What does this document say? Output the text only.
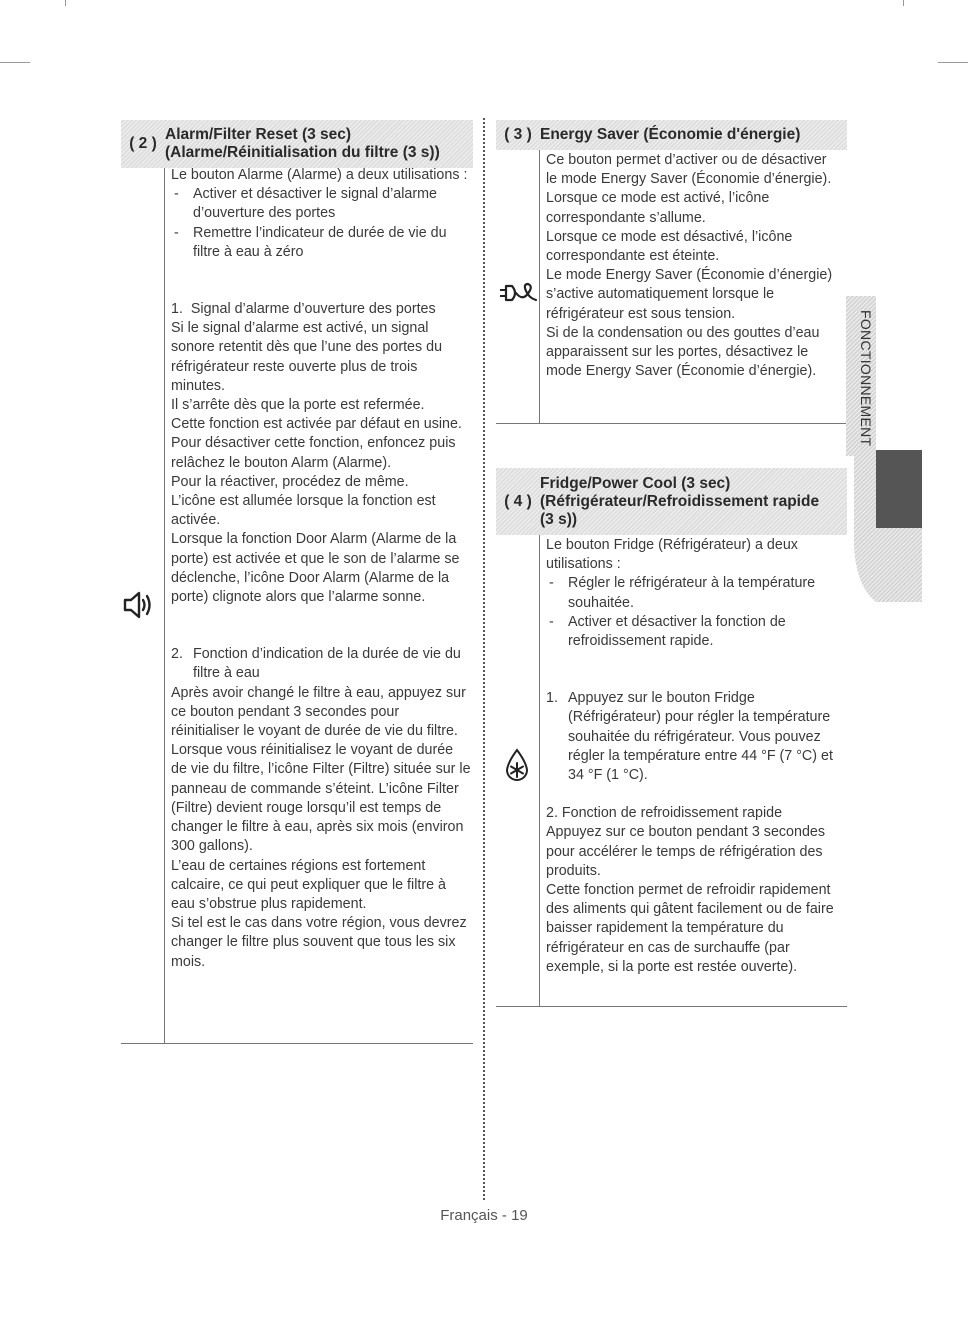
( 2 )
Alarm/Filter Reset (3 sec)
(Alarme/Réinitialisation du filtre (3 s))

Le bouton Alarme (Alarme) a deux utilisations :

- Activer et désactiver le signal d’alarme d’ouverture des portes

- Remettre l’indicateur de durée de vie du filtre à eau à zéro

1. Signal d’alarme d’ouverture des portes

Si le signal d’alarme est activé, un signal sonore retentit dès que l’une des portes du réfrigérateur reste ouverte plus de trois minutes.

Il s’arrête dès que la porte est refermée.

Cette fonction est activée par défaut en usine.

Pour désactiver cette fonction, enfoncez puis relâchez le bouton Alarm (Alarme).

Pour la réactiver, procédez de même.

L’icône est allumée lorsque la fonction est activée.

Lorsque la fonction Door Alarm (Alarme de la porte) est activée et que le son de l’alarme se déclenche, l’icône Door Alarm (Alarme de la porte) clignote alors que l’alarme sonne.

2. Fonction d’indication de la durée de vie du filtre à eau

Après avoir changé le filtre à eau, appuyez sur ce bouton pendant 3 secondes pour réinitialiser le voyant de durée de vie du filtre. Lorsque vous réinitialisez le voyant de durée de vie du filtre, l’icône Filter (Filtre) située sur le panneau de commande s’éteint. L’icône Filter (Filtre) devient rouge lorsqu’il est temps de changer le filtre à eau, après six mois (environ 300 gallons).

L’eau de certaines régions est fortement calcaire, ce qui peut expliquer que le filtre à eau s’obstrue plus rapidement.

Si tel est le cas dans votre région, vous devrez changer le filtre plus souvent que tous les six mois.

( 3 ) Energy Saver (Économie d'énergie)

Ce bouton permet d’activer ou de désactiver le mode Energy Saver (Économie d’énergie).

Lorsque ce mode est activé, l’icône correspondante s’allume.

Lorsque ce mode est désactivé, l’icône correspondante est éteinte.

Le mode Energy Saver (Économie d’énergie) s’active automatiquement lorsque le réfrigérateur est sous tension.

Si de la condensation ou des gouttes d’eau apparaissent sur les portes, désactivez le mode Energy Saver (Économie d’énergie).

( 4 )
Fridge/Power Cool (3 sec)
(Réfrigérateur/Refroidissement rapide
(3 s))

Le bouton Fridge (Réfrigérateur) a deux utilisations :

- Régler le réfrigérateur à la température souhaitée.

- Activer et désactiver la fonction de refroidissement rapide.

1. Appuyez sur le bouton Fridge (Réfrigérateur) pour régler la température souhaitée du réfrigérateur. Vous pouvez régler la température entre 44 °F (7 °C) et 34 °F (1 °C).

2. Fonction de refroidissement rapide

Appuyez sur ce bouton pendant 3 secondes pour accélérer le temps de réfrigération des produits.

Cette fonction permet de refroidir rapidement des aliments qui gâtent facilement ou de faire baisser rapidement la température du réfrigérateur en cas de surchauffe (par exemple, si la porte est restée ouverte).

FONCTIONNEMENT
Français - 19
